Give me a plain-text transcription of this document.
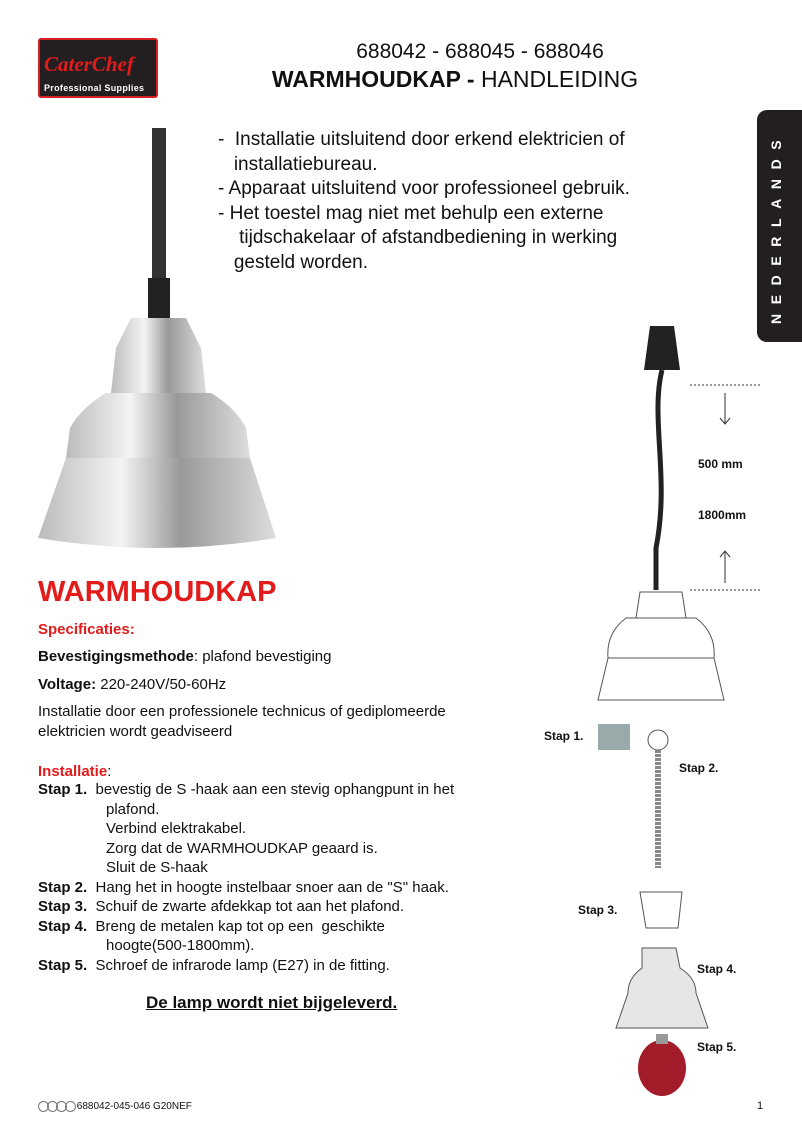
CaterChef
Professional Supplies
688042 - 688045 - 688046
WARMHOUDKAP - HANDLEIDING
-  Installatie uitsluitend door erkend elektricien of
installatiebureau.
- Apparaat uitsluitend voor professioneel gebruik.
- Het toestel mag niet met behulp een externe
tijdschakelaar of afstandbediening in werking
gesteld worden.	NEDERLANDS
500 mm
1800mm
WARMHOUDKAP
Specificaties:
Bevestigingsmethode: plafond bevestiging
Voltage: 220-240V/50-60Hz
Installatie door een professionele technicus of gediplomeerde
elektricien wordt geadviseerd
Installatie:
Stap 1.  bevestig de S -haak aan een stevig ophangpunt in het
plafond.
Verbind elektrakabel.
Zorg dat de WARMHOUDKAP geaard is.
Sluit de S-haak
Stap 2.  Hang het in hoogte instelbaar snoer aan de "S" haak.
Stap 3.  Schuif de zwarte afdekkap tot aan het plafond.
Stap 4.  Breng de metalen kap tot op een  geschikte
hoogte(500-1800mm).
Stap 5.  Schroef de infrarode lamp (E27) in de fitting.
De lamp wordt niet bijgeleverd.
Stap 1.
Stap 2.
Stap 3.
Stap 4.
Stap 5.
688042-045-046 G20NEF	1
